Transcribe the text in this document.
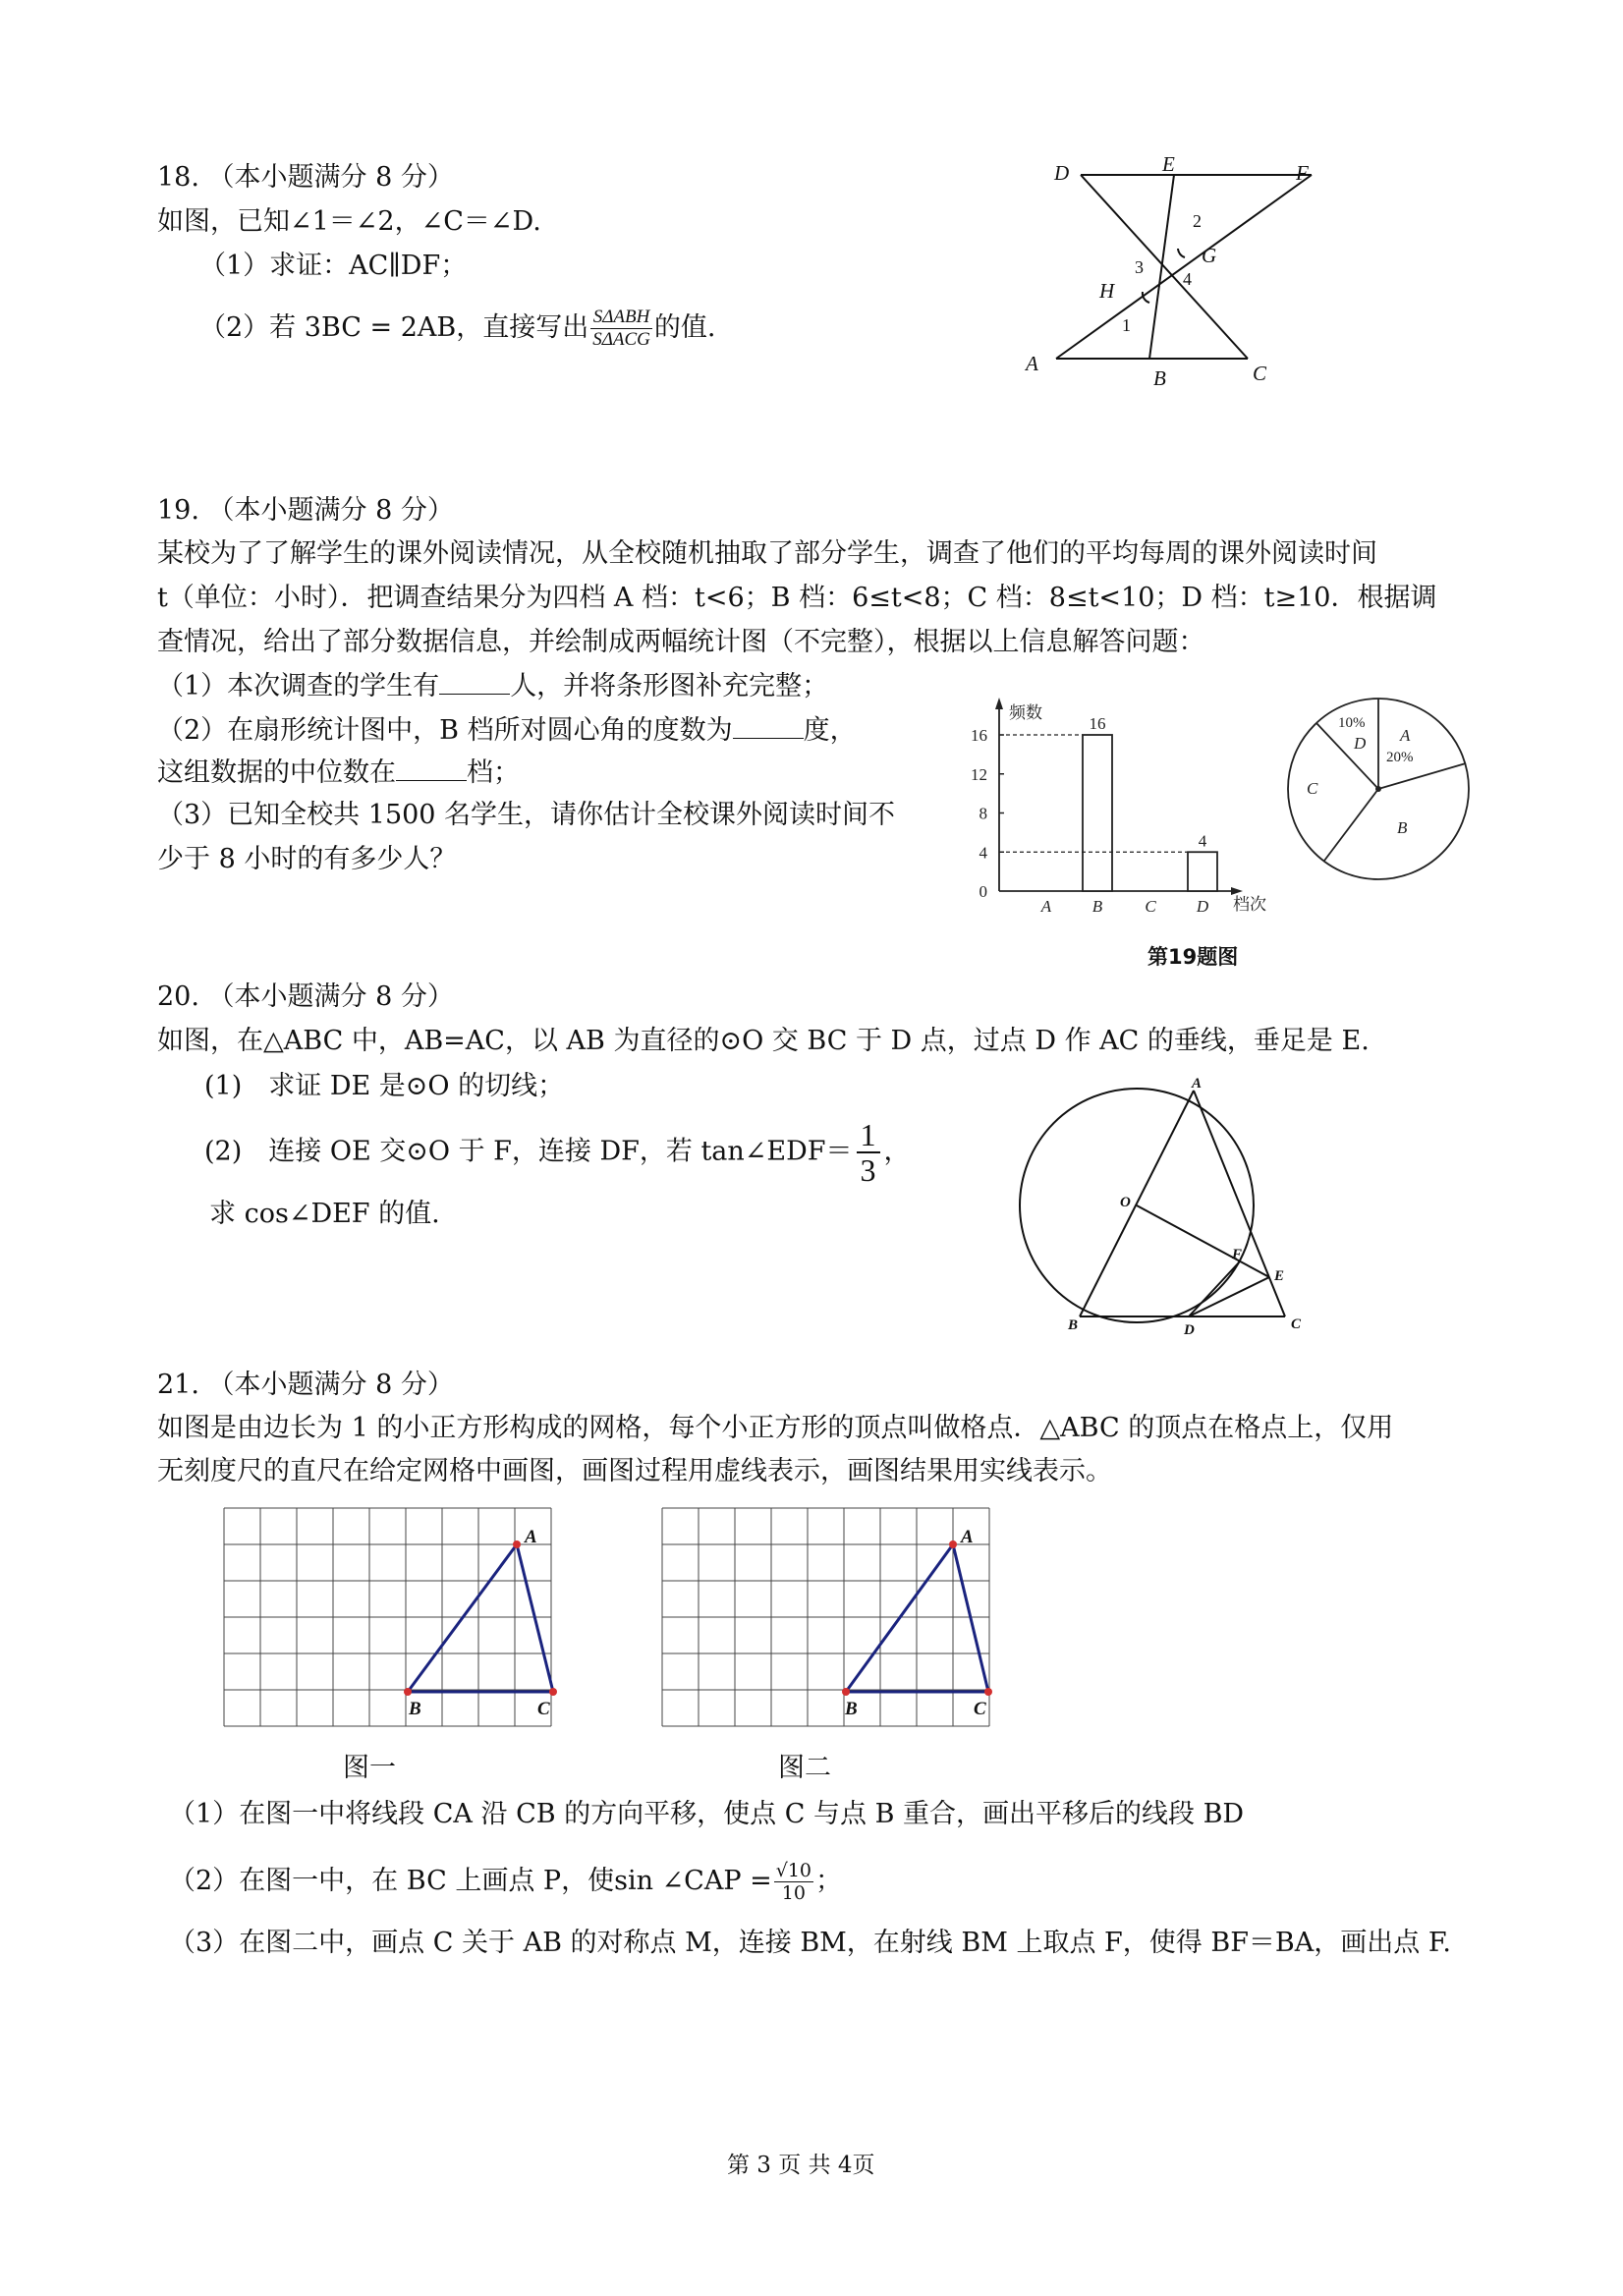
18. （本小题满分 8 分）
如图，已知∠1＝∠2，∠C＝∠D.
（1）求证：AC∥DF；
（2）若 3BC = 2AB，直接写出 $\frac{\text{SΔABH}}{\text{SΔACG}}$ 的值.
D	E	F
A
B	C
H
G
1
2
3
4
19. （本小题满分 8 分）
某校为了了解学生的课外阅读情况，从全校随机抽取了部分学生，调查了他们的平均每周的课外阅读时间
t（单位：小时）．把调查结果分为四档 A 档：t<6；B 档：6≤t<8；C 档：8≤t<10；D 档：t≥10．根据调
查情况，给出了部分数据信息，并绘制成两幅统计图（不完整），根据以上信息解答问题：
（1）本次调查的学生有	人，并将条形图补充完整；
（2）在扇形统计图中，B 档所对圆心角的度数为	度，
这组数据的中位数在	档；
（3）已知全校共 1500 名学生，请你估计全校课外阅读时间不
少于 8 小时的有多少人？
频数
档次
0
4
8
12
16
A B
16
C D
4
C
D A
B
10%
20%
第19题图
20. （本小题满分 8 分）
如图，在△ABC 中，AB=AC，以 AB 为直径的⊙O 交 BC 于 D 点，过点 D 作 AC 的垂线，垂足是 E.
(1)　求证 DE 是⊙O 的切线；
(2)　连接 OE 交⊙O 于 F，连接 DF，若 tan∠EDF＝ $\frac{1}{3}$ ，
求 cos∠DEF 的值.
A
O
F
E
B	D	C
21. （本小题满分 8 分）
如图是由边长为 1 的小正方形构成的网格，每个小正方形的顶点叫做格点．△ABC 的顶点在格点上，仅用
无刻度尺的直尺在给定网格中画图，画图过程用虚线表示，画图结果用实线表示。
A
B	C
A
B	C
图一	图二
（1）在图一中将线段 CA 沿 CB 的方向平移，使点 C 与点 B 重合，画出平移后的线段 BD
（2）在图一中，在 BC 上画点 P，使sin ∠CAP = $\frac{√10}{10}$ ；
（3）在图二中，画点 C 关于 AB 的对称点 M，连接 BM，在射线 BM 上取点 F，使得 BF＝BA，画出点 F.
第 3 页 共 4页
